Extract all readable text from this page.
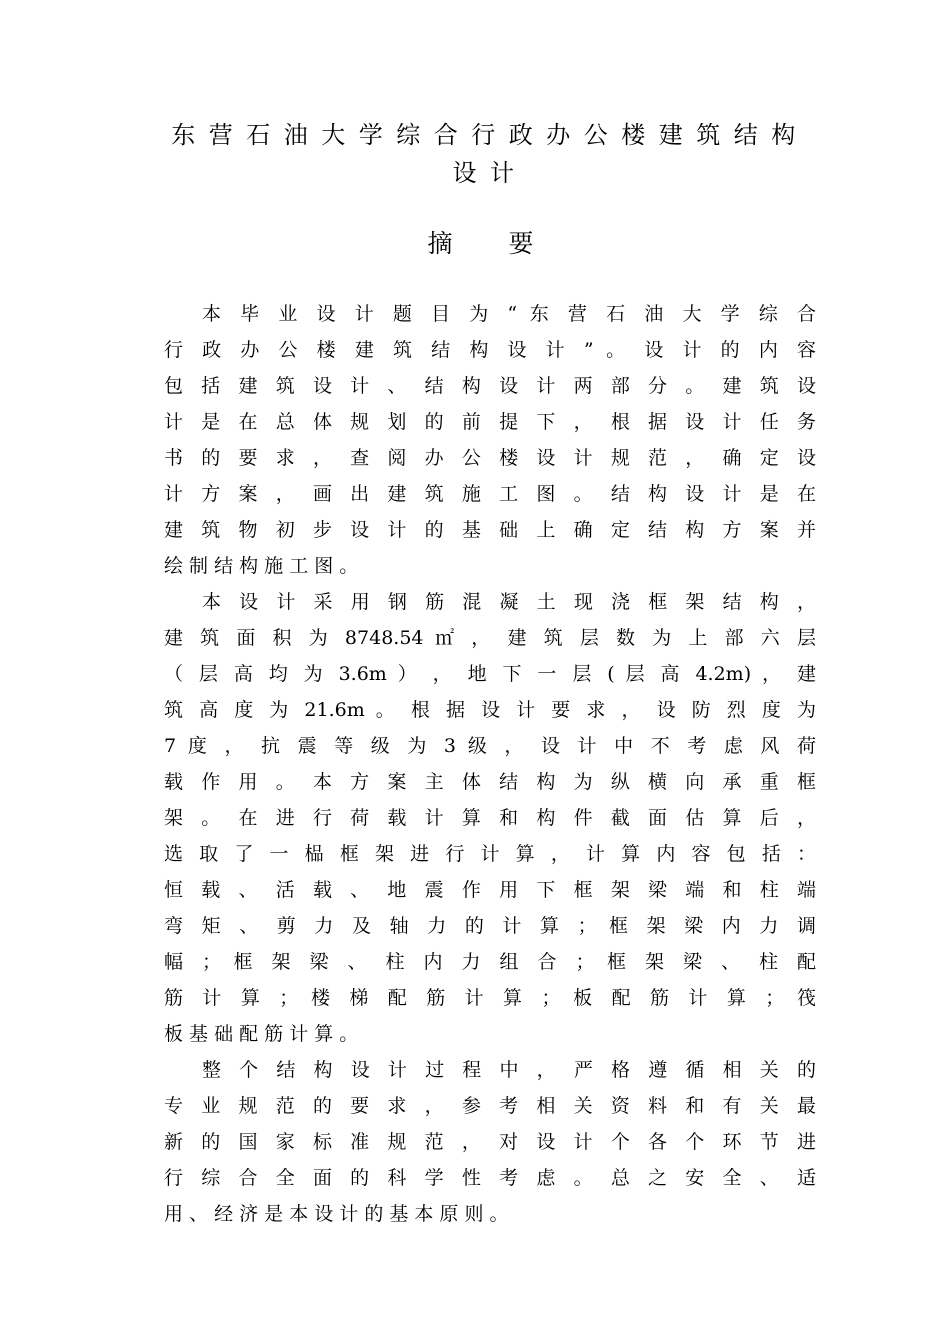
东营石油大学综合行政办公楼建筑结构设计
摘 要
本 毕 业 设 计 题 目 为 “ 东 营 石 油 大 学 综 合
行 政 办 公 楼 建 筑 结 构 设 计 ” 。 设 计 的 内 容
包 括 建 筑 设 计 、 结 构 设 计 两 部 分 。 建 筑 设
计 是 在 总 体 规 划 的 前 提 下 ， 根 据 设 计 任 务
书 的 要 求 ， 查 阅 办 公 楼 设 计 规 范 ， 确 定 设
计 方 案 ， 画 出 建 筑 施 工 图 。 结 构 设 计 是 在
建 筑 物 初 步 设 计 的 基 础 上 确 定 结 构 方 案 并
绘 制 结 构 施 工 图 。
本 设 计 采 用 钢 筋 混 凝 土 现 浇 框 架 结 构 ，
建 筑 面 积 为 8748.54 ㎡ ， 建 筑 层 数 为 上 部 六 层
（ 层 高 均 为 3.6m ） ， 地 下 一 层 ( 层 高 4.2m) ， 建
筑 高 度 为 21.6m 。 根 据 设 计 要 求 ， 设 防 烈 度 为
7 度 ， 抗 震 等 级 为 3 级 ， 设 计 中 不 考 虑 风 荷
载 作 用 。 本 方 案 主 体 结 构 为 纵 横 向 承 重 框
架 。 在 进 行 荷 载 计 算 和 构 件 截 面 估 算 后 ，
选 取 了 一 榀 框 架 进 行 计 算 ， 计 算 内 容 包 括 ：
恒 载 、 活 载 、 地 震 作 用 下 框 架 梁 端 和 柱 端
弯 矩 、 剪 力 及 轴 力 的 计 算 ； 框 架 梁 内 力 调
幅 ； 框 架 梁 、 柱 内 力 组 合 ； 框 架 梁 、 柱 配
筋 计 算 ； 楼 梯 配 筋 计 算 ； 板 配 筋 计 算 ； 筏
板 基 础 配 筋 计 算 。
整 个 结 构 设 计 过 程 中 ， 严 格 遵 循 相 关 的
专 业 规 范 的 要 求 ， 参 考 相 关 资 料 和 有 关 最
新 的 国 家 标 准 规 范 ， 对 设 计 个 各 个 环 节 进
行 综 合 全 面 的 科 学 性 考 虑 。 总 之 安 全 、 适
用 、 经 济 是 本 设 计 的 基 本 原 则 。
